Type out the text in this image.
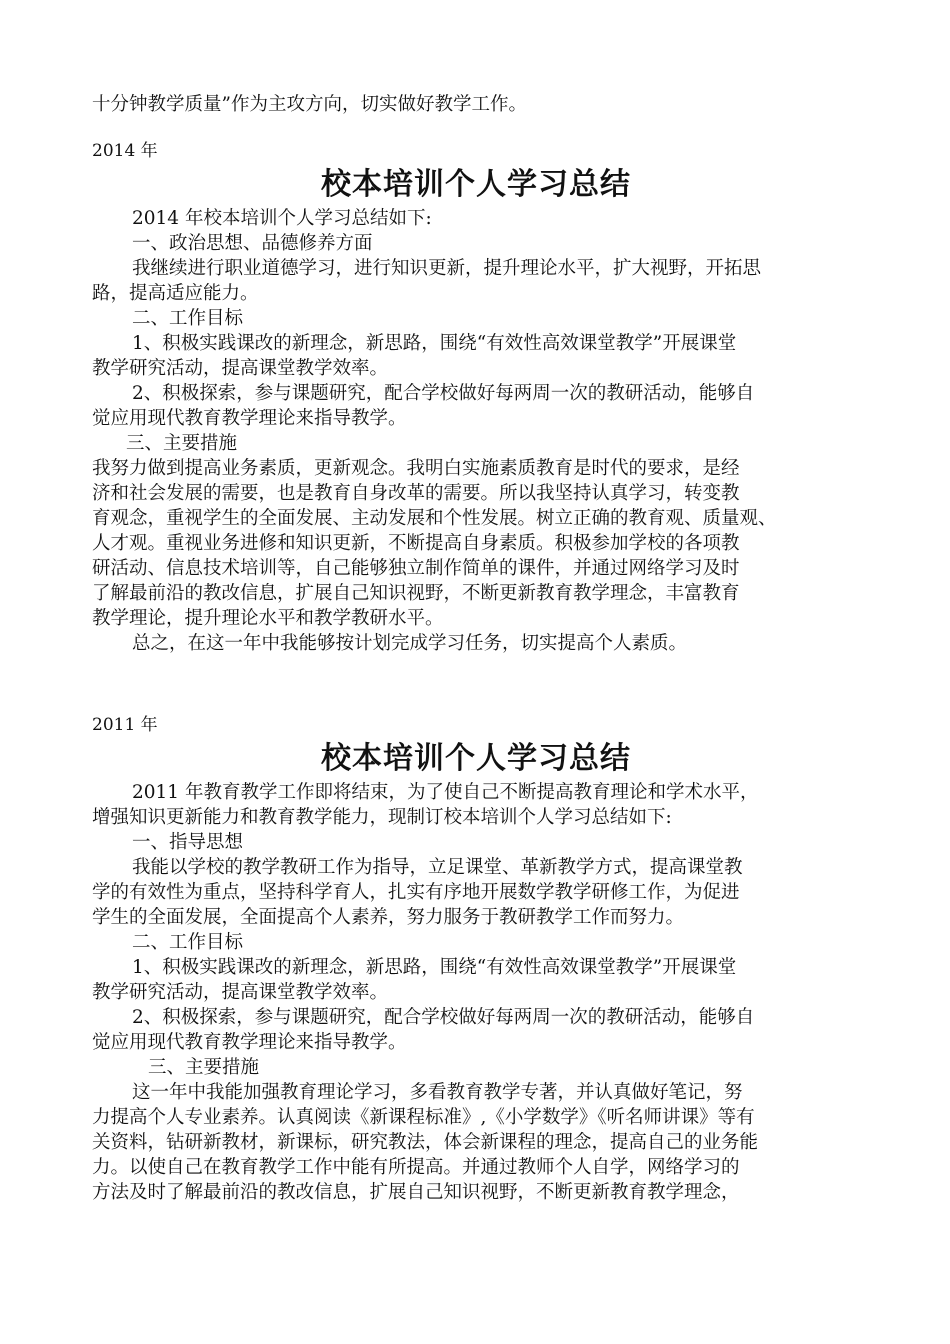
十分钟教学质量”作为主攻方向，切实做好教学工作。
2014 年
校本培训个人学习总结
2014 年校本培训个人学习总结如下:
一、政治思想、品德修养方面
我继续进行职业道德学习，进行知识更新，提升理论水平，扩大视野，开拓思
路，提高适应能力。
二、工作目标
1、积极实践课改的新理念，新思路，围绕“有效性高效课堂教学”开展课堂
教学研究活动，提高课堂教学效率。
2、积极探索，参与课题研究，配合学校做好每两周一次的教研活动，能够自
觉应用现代教育教学理论来指导教学。
三、主要措施
我努力做到提高业务素质，更新观念。我明白实施素质教育是时代的要求，是经
济和社会发展的需要，也是教育自身改革的需要。所以我坚持认真学习，转变教
育观念，重视学生的全面发展、主动发展和个性发展。树立正确的教育观、质量观、
人才观。重视业务进修和知识更新，不断提高自身素质。积极参加学校的各项教
研活动、信息技术培训等，自己能够独立制作简单的课件，并通过网络学习及时
了解最前沿的教改信息，扩展自己知识视野，不断更新教育教学理念，丰富教育
教学理论，提升理论水平和教学教研水平。
总之，在这一年中我能够按计划完成学习任务，切实提高个人素质。
2011 年
校本培训个人学习总结
2011 年教育教学工作即将结束，为了使自己不断提高教育理论和学术水平，
增强知识更新能力和教育教学能力，现制订校本培训个人学习总结如下:
一、指导思想
我能以学校的教学教研工作为指导，立足课堂、革新教学方式，提高课堂教
学的有效性为重点，坚持科学育人，扎实有序地开展数学教学研修工作，为促进
学生的全面发展，全面提高个人素养，努力服务于教研教学工作而努力。
二、工作目标
1、积极实践课改的新理念，新思路，围绕“有效性高效课堂教学”开展课堂
教学研究活动，提高课堂教学效率。
2、积极探索，参与课题研究，配合学校做好每两周一次的教研活动，能够自
觉应用现代教育教学理论来指导教学。
三、主要措施
这一年中我能加强教育理论学习，多看教育教学专著，并认真做好笔记，努
力提高个人专业素养。认真阅读《新课程标准》,《小学数学》《听名师讲课》等有
关资料，钻研新教材，新课标，研究教法，体会新课程的理念，提高自己的业务能
力。以使自己在教育教学工作中能有所提高。并通过教师个人自学，网络学习的
方法及时了解最前沿的教改信息，扩展自己知识视野，不断更新教育教学理念，
